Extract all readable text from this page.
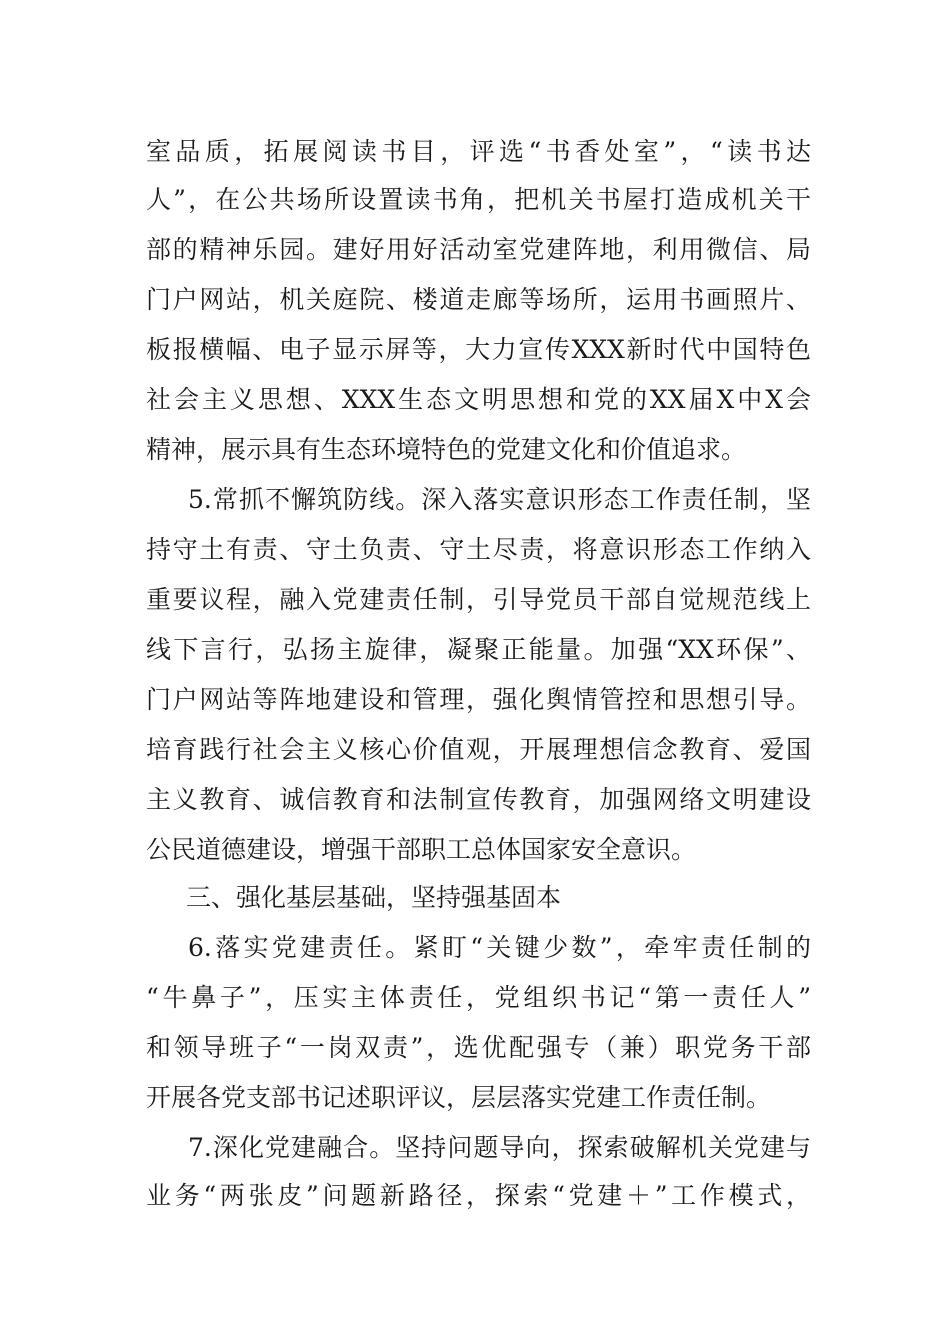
室品质，拓展阅读书目，评选“书香处室”，“读书达
人”，在公共场所设置读书角，把机关书屋打造成机关干
部的精神乐园。建好用好活动室党建阵地，利用微信、局
门户网站，机关庭院、楼道走廊等场所，运用书画照片、
板报横幅、电子显示屏等，大力宣传XXX新时代中国特色
社会主义思想、XXX生态文明思想和党的XX届X中X会
精神，展示具有生态环境特色的党建文化和价值追求。
5.常抓不懈筑防线。深入落实意识形态工作责任制，坚
持守土有责、守土负责、守土尽责，将意识形态工作纳入
重要议程，融入党建责任制，引导党员干部自觉规范线上
线下言行，弘扬主旋律，凝聚正能量。加强“XX环保”、
门户网站等阵地建设和管理，强化舆情管控和思想引导。
培育践行社会主义核心价值观，开展理想信念教育、爱国
主义教育、诚信教育和法制宣传教育，加强网络文明建设
公民道德建设，增强干部职工总体国家安全意识。
三、强化基层基础，坚持强基固本
6.落实党建责任。紧盯“关键少数”，牵牢责任制的
“牛鼻子”，压实主体责任，党组织书记“第一责任人”
和领导班子“一岗双责”，选优配强专（兼）职党务干部
开展各党支部书记述职评议，层层落实党建工作责任制。
7.深化党建融合。坚持问题导向，探索破解机关党建与
业务“两张皮”问题新路径，探索“党建＋”工作模式，
